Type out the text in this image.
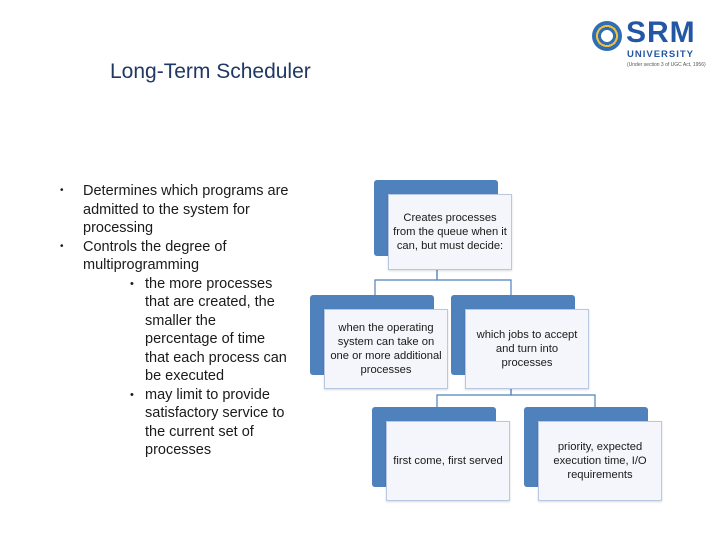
Long-Term Scheduler
SRM
UNIVERSITY
(Under section 3 of UGC Act, 1956)
• Determines which programs are admitted to the system for processing
• Controls the degree of multiprogramming
• the more processes that are created, the smaller the percentage of time that each process can be executed
• may limit to provide satisfactory service to the current set of processes
Creates processes from the queue when it can, but must decide:
when the operating system can take on one or more additional processes
which jobs to accept and turn into processes
first come, first served
priority, expected execution time, I/O requirements
